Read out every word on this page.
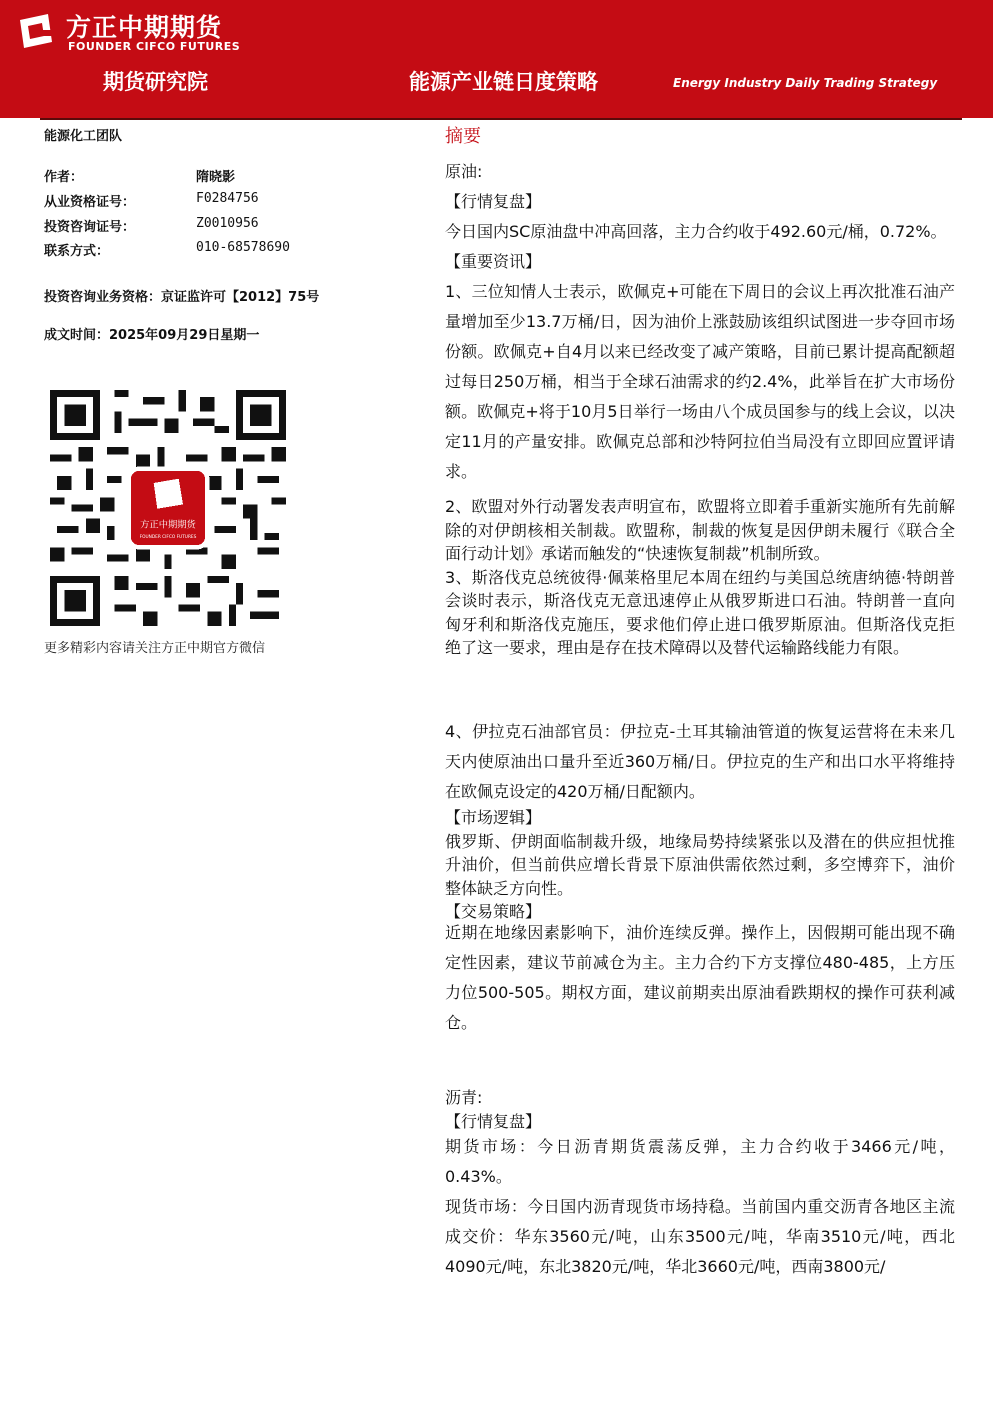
方正中期期货
FOUNDER CIFCO FUTURES
期货研究院	能源产业链日度策略	Energy Industry Daily Trading Strategy
能源化工团队
作者：	隋晓影
从业资格证号：	F0284756
投资咨询证号：	Z0010956
联系方式：	010-68578690
投资咨询业务资格：京证监许可【2012】75号
成文时间：2025年09月29日星期一
方正中期期货
更多精彩内容请关注方正中期官方微信
摘要

原油:

【行情复盘】

今日国内SC原油盘中冲高回落，主力合约收于492.60元/桶，0.72%。

【重要资讯】

1、三位知情人士表示，欧佩克+可能在下周日的会议上再次批准石油产量增加至少13.7万桶/日，因为油价上涨鼓励该组织试图进一步夺回市场份额。欧佩克+自4月以来已经改变了减产策略，目前已累计提高配额超过每日250万桶，相当于全球石油需求的约2.4%，此举旨在扩大市场份额。欧佩克+将于10月5日举行一场由八个成员国参与的线上会议，以决定11月的产量安排。欧佩克总部和沙特阿拉伯当局没有立即回应置评请求。

2、欧盟对外行动署发表声明宣布，欧盟将立即着手重新实施所有先前解除的对伊朗核相关制裁。欧盟称，制裁的恢复是因伊朗未履行《联合全面行动计划》承诺而触发的“快速恢复制裁”机制所致。

3、斯洛伐克总统彼得·佩莱格里尼本周在纽约与美国总统唐纳德·特朗普会谈时表示，斯洛伐克无意迅速停止从俄罗斯进口石油。特朗普一直向匈牙利和斯洛伐克施压，要求他们停止进口俄罗斯原油。但斯洛伐克拒绝了这一要求，理由是存在技术障碍以及替代运输路线能力有限。

4、伊拉克石油部官员：伊拉克-土耳其输油管道的恢复运营将在未来几天内使原油出口量升至近360万桶/日。伊拉克的生产和出口水平将维持在欧佩克设定的420万桶/日配额内。

【市场逻辑】

俄罗斯、伊朗面临制裁升级，地缘局势持续紧张以及潜在的供应担忧推升油价，但当前供应增长背景下原油供需依然过剩，多空博弈下，油价整体缺乏方向性。

【交易策略】

近期在地缘因素影响下，油价连续反弹。操作上，因假期可能出现不确定性因素，建议节前减仓为主。主力合约下方支撑位480-485，上方压力位500-505。期权方面，建议前期卖出原油看跌期权的操作可获利减仓。

沥青:

【行情复盘】

期货市场：今日沥青期货震荡反弹，主力合约收于3466元/吨，0.43%。

现货市场：今日国内沥青现货市场持稳。当前国内重交沥青各地区主流成交价：华东3560元/吨，山东3500元/吨，华南3510元/吨，西北4090元/吨，东北3820元/吨，华北3660元/吨，西南3800元/
